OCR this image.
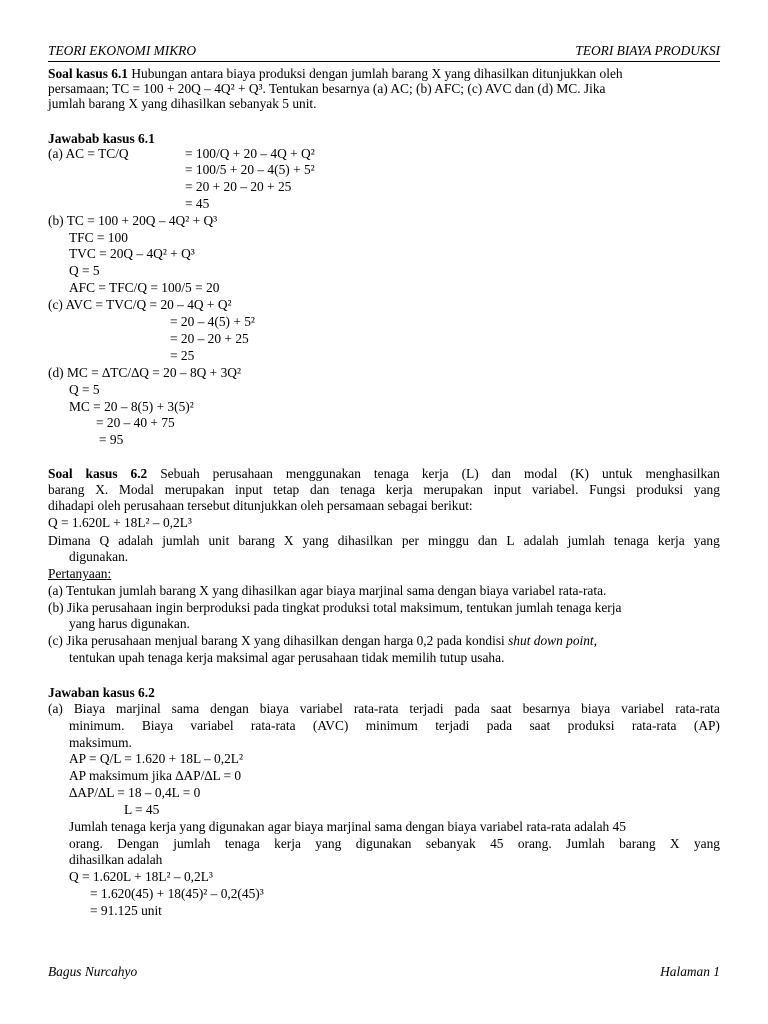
TEORI EKONOMI MIKRO	TEORI BIAYA PRODUKSI
Soal kasus 6.1 Hubungan antara biaya produksi dengan jumlah barang X yang dihasilkan ditunjukkan oleh
persamaan; TC = 100 + 20Q – 4Q² + Q³. Tentukan besarnya (a) AC; (b) AFC; (c) AVC dan (d) MC. Jika
jumlah barang X yang dihasilkan sebanyak 5 unit.
Jawabab kasus 6.1
(a) AC = TC/Q	= 100/Q + 20 – 4Q + Q²
= 100/5 + 20 – 4(5) + 5²
= 20 + 20 – 20 + 25
= 45
(b) TC = 100 + 20Q – 4Q² + Q³
TFC = 100
TVC = 20Q – 4Q² + Q³
Q = 5
AFC = TFC/Q = 100/5 = 20
(c) AVC = TVC/Q = 20 – 4Q + Q²
= 20 – 4(5) + 5²
= 20 – 20 + 25
= 25
(d) MC = ∆TC/∆Q = 20 – 8Q + 3Q²
Q = 5
MC = 20 – 8(5) + 3(5)²
= 20 – 40 + 75
= 95
Soal kasus 6.2 Sebuah perusahaan menggunakan tenaga kerja (L) dan modal (K) untuk menghasilkan
barang X. Modal merupakan input tetap dan tenaga kerja merupakan input variabel. Fungsi produksi yang
dihadapi oleh perusahaan tersebut ditunjukkan oleh persamaan sebagai berikut:
Q = 1.620L + 18L² – 0,2L³
Dimana Q adalah jumlah unit barang X yang dihasilkan per minggu dan L adalah jumlah tenaga kerja yang
digunakan.
Pertanyaan:
(a) Tentukan jumlah barang X yang dihasilkan agar biaya marjinal sama dengan biaya variabel rata-rata.
(b) Jika perusahaan ingin berproduksi pada tingkat produksi total maksimum, tentukan jumlah tenaga kerja
yang harus digunakan.
(c) Jika perusahaan menjual barang X yang dihasilkan dengan harga 0,2 pada kondisi shut down point,
tentukan upah tenaga kerja maksimal agar perusahaan tidak memilih tutup usaha.
Jawaban kasus 6.2
(a) Biaya marjinal sama dengan biaya variabel rata-rata terjadi pada saat besarnya biaya variabel rata-rata
minimum. Biaya variabel rata-rata (AVC) minimum terjadi pada saat produksi rata-rata (AP)
maksimum.
AP = Q/L = 1.620 + 18L – 0,2L²
AP maksimum jika ∆AP/∆L = 0
∆AP/∆L = 18 – 0,4L = 0
L = 45
Jumlah tenaga kerja yang digunakan agar biaya marjinal sama dengan biaya variabel rata-rata adalah 45
orang. Dengan jumlah tenaga kerja yang digunakan sebanyak 45 orang. Jumlah barang X yang
dihasilkan adalah
Q = 1.620L + 18L² – 0,2L³
= 1.620(45) + 18(45)² – 0,2(45)³
= 91.125 unit
Bagus Nurcahyo	Halaman 1
